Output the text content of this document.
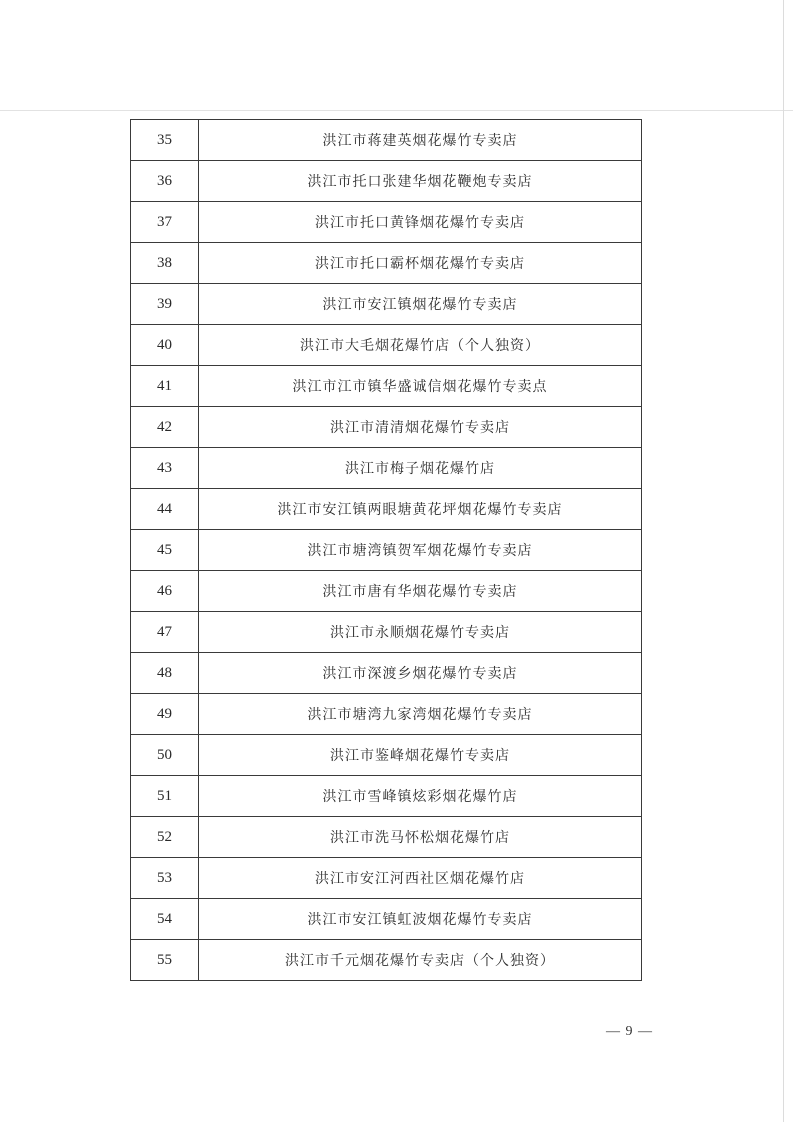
35	洪江市蒋建英烟花爆竹专卖店
36	洪江市托口张建华烟花鞭炮专卖店
37	洪江市托口黄锋烟花爆竹专卖店
38	洪江市托口霸杯烟花爆竹专卖店
39	洪江市安江镇烟花爆竹专卖店
40	洪江市大毛烟花爆竹店（个人独资）
41	洪江市江市镇华盛诚信烟花爆竹专卖点
42	洪江市清清烟花爆竹专卖店
43	洪江市梅子烟花爆竹店
44	洪江市安江镇两眼塘黄花坪烟花爆竹专卖店
45	洪江市塘湾镇贺军烟花爆竹专卖店
46	洪江市唐有华烟花爆竹专卖店
47	洪江市永顺烟花爆竹专卖店
48	洪江市深渡乡烟花爆竹专卖店
49	洪江市塘湾九家湾烟花爆竹专卖店
50	洪江市鉴峰烟花爆竹专卖店
51	洪江市雪峰镇炫彩烟花爆竹店
52	洪江市洗马怀松烟花爆竹店
53	洪江市安江河西社区烟花爆竹店
54	洪江市安江镇虹波烟花爆竹专卖店
55	洪江市千元烟花爆竹专卖店（个人独资）
— 9 —
